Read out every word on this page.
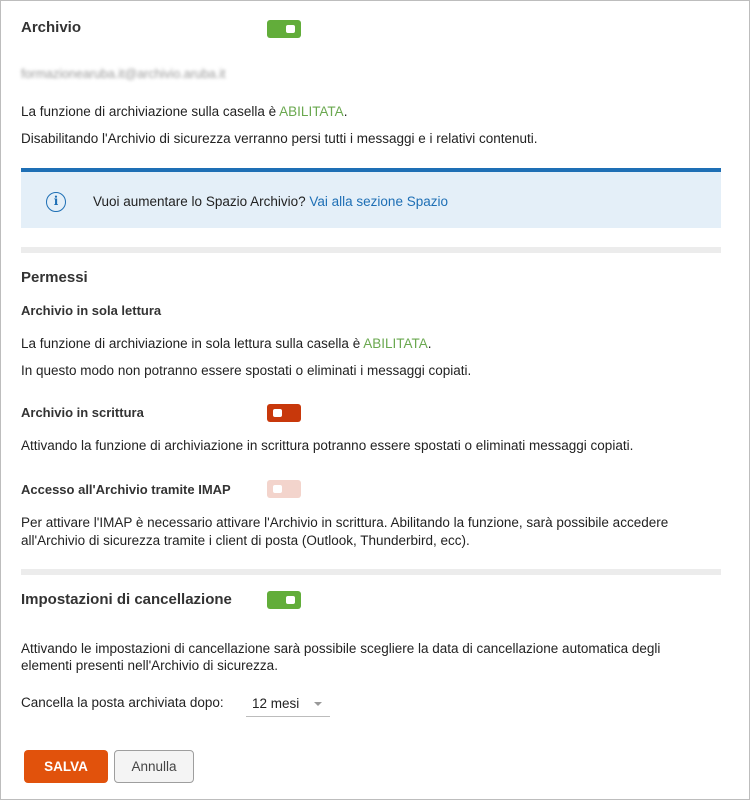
Archivio
formazionearuba.it@archivio.aruba.it
La funzione di archiviazione sulla casella è ABILITATA.
Disabilitando l'Archivio di sicurezza verranno persi tutti i messaggi e i relativi contenuti.
i	Vuoi aumentare lo Spazio Archivio? Vai alla sezione Spazio
Permessi
Archivio in sola lettura
La funzione di archiviazione in sola lettura sulla casella è ABILITATA.
In questo modo non potranno essere spostati o eliminati i messaggi copiati.
Archivio in scrittura
Attivando la funzione di archiviazione in scrittura potranno essere spostati o eliminati messaggi copiati.
Accesso all'Archivio tramite IMAP
Per attivare l'IMAP è necessario attivare l'Archivio in scrittura. Abilitando la funzione, sarà possibile accedere
all'Archivio di sicurezza tramite i client di posta (Outlook, Thunderbird, ecc).
Impostazioni di cancellazione
Attivando le impostazioni di cancellazione sarà possibile scegliere la data di cancellazione automatica degli
elementi presenti nell'Archivio di sicurezza.
Cancella la posta archiviata dopo: 12 mesi
SALVA	Annulla
